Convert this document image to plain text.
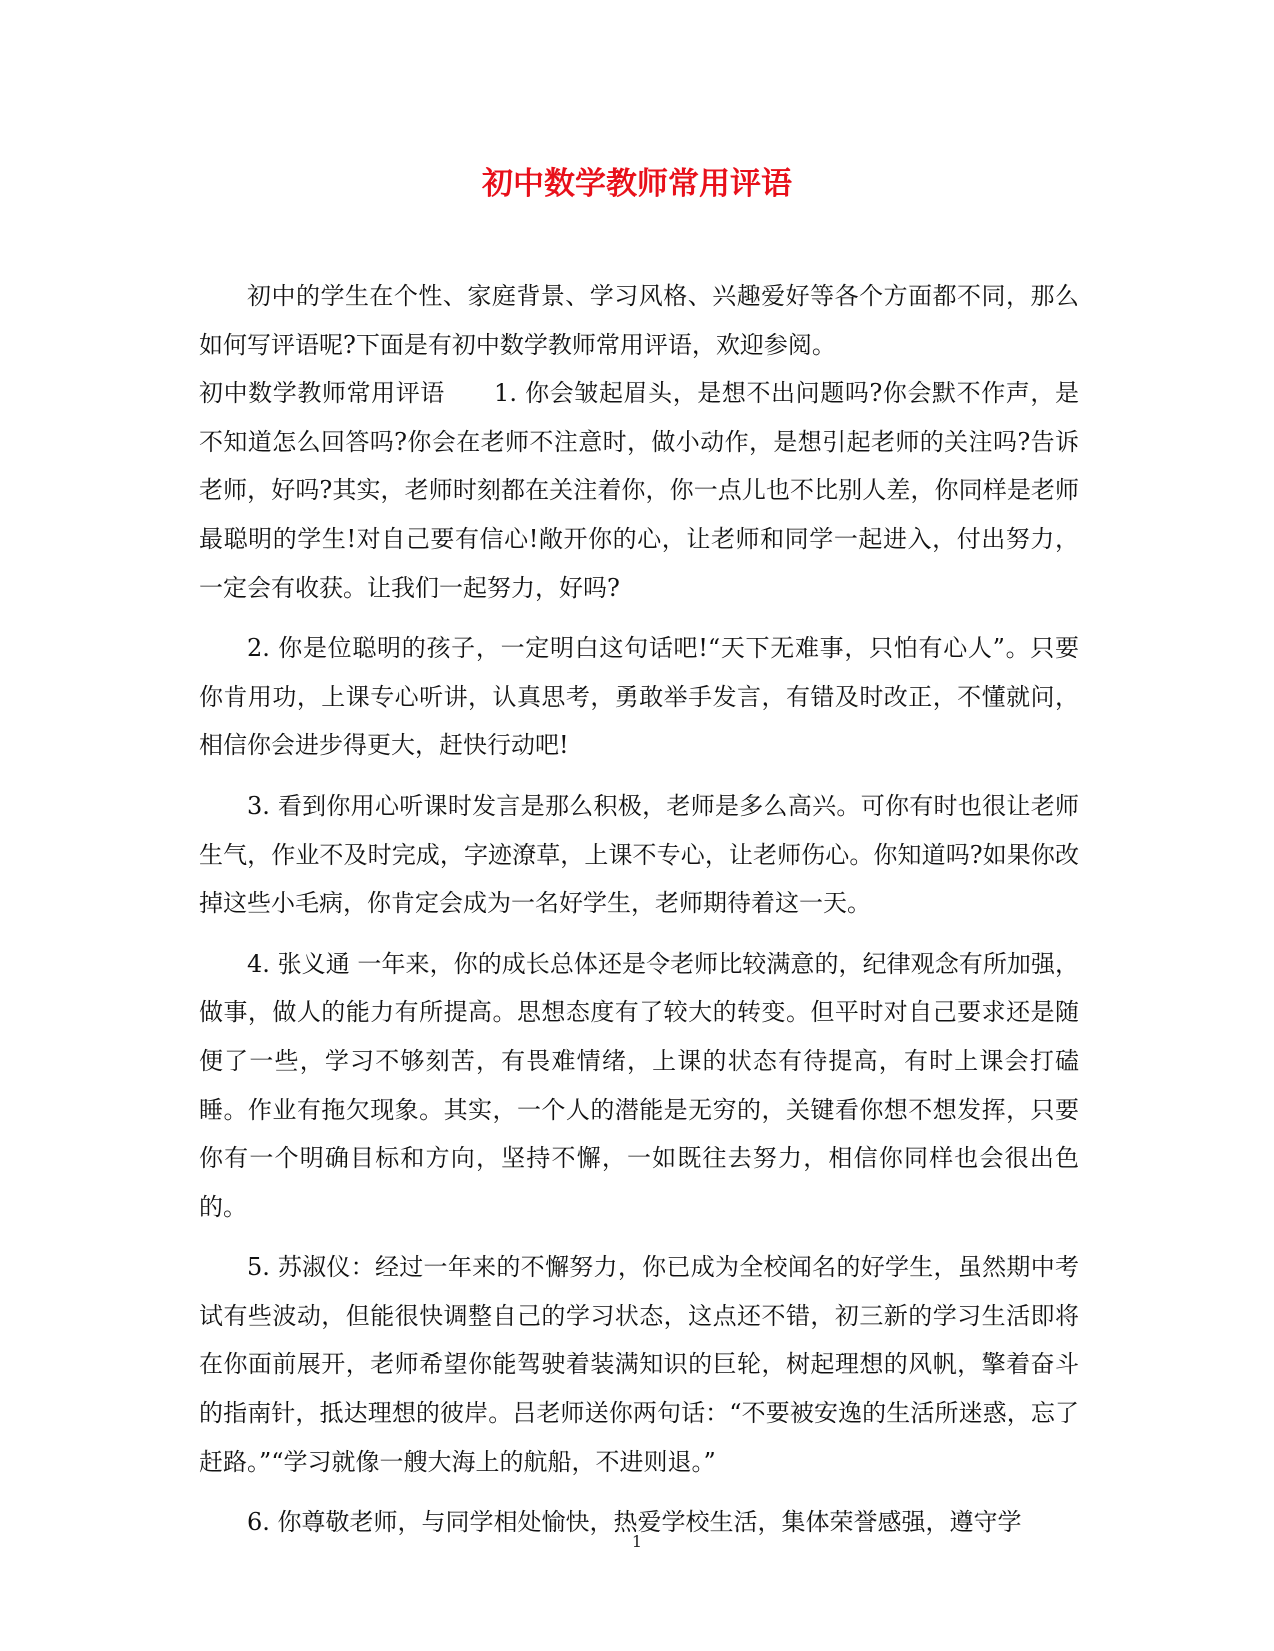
初中数学教师常用评语

初中的学生在个性、家庭背景、学习风格、兴趣爱好等各个方面都不同，那么如何写评语呢?下面是有初中数学教师常用评语，欢迎参阅。

初中数学教师常用评语　　1. 你会皱起眉头，是想不出问题吗?你会默不作声，是不知道怎么回答吗?你会在老师不注意时，做小动作，是想引起老师的关注吗?告诉老师，好吗?其实，老师时刻都在关注着你，你一点儿也不比别人差，你同样是老师最聪明的学生!对自己要有信心!敞开你的心，让老师和同学一起进入，付出努力，一定会有收获。让我们一起努力，好吗?

2. 你是位聪明的孩子，一定明白这句话吧!“天下无难事，只怕有心人”。只要你肯用功，上课专心听讲，认真思考，勇敢举手发言，有错及时改正，不懂就问，相信你会进步得更大，赶快行动吧!

3. 看到你用心听课时发言是那么积极，老师是多么高兴。可你有时也很让老师生气，作业不及时完成，字迹潦草，上课不专心，让老师伤心。你知道吗?如果你改掉这些小毛病，你肯定会成为一名好学生，老师期待着这一天。

4. 张义通 一年来，你的成长总体还是令老师比较满意的，纪律观念有所加强，做事，做人的能力有所提高。思想态度有了较大的转变。但平时对自己要求还是随便了一些，学习不够刻苦，有畏难情绪，上课的状态有待提高，有时上课会打磕睡。作业有拖欠现象。其实，一个人的潜能是无穷的，关键看你想不想发挥，只要你有一个明确目标和方向，坚持不懈，一如既往去努力，相信你同样也会很出色的。

5. 苏淑仪：经过一年来的不懈努力，你已成为全校闻名的好学生，虽然期中考试有些波动，但能很快调整自己的学习状态，这点还不错，初三新的学习生活即将在你面前展开，老师希望你能驾驶着装满知识的巨轮，树起理想的风帆，擎着奋斗的指南针，抵达理想的彼岸。吕老师送你两句话：“不要被安逸的生活所迷惑，忘了赶路。”“学习就像一艘大海上的航船，不进则退。”

6. 你尊敬老师，与同学相处愉快，热爱学校生活，集体荣誉感强，遵守学

1
